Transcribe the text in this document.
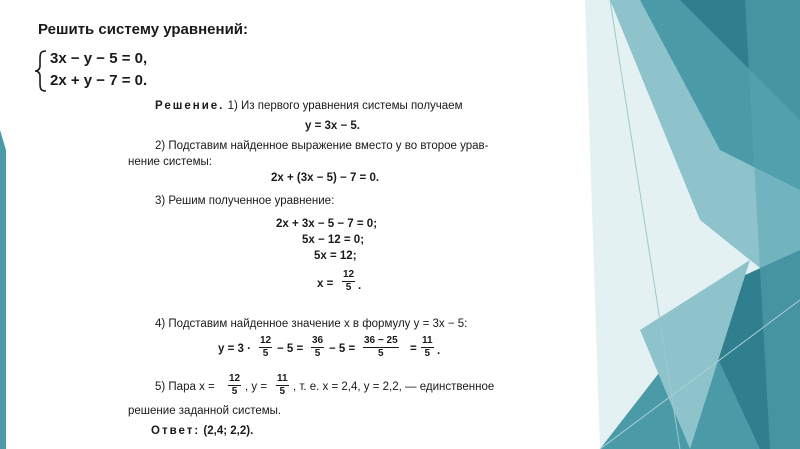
Решить систему уравнений:
3x − y − 5 = 0,
2x + y − 7 = 0.
Решение. 1) Из первого уравнения системы получаем
y = 3x − 5.
2) Подставим найденное выражение вместо y во второе урав-
нение системы:
2x + (3x − 5) − 7 = 0.
3) Решим полученное уравнение:
2x + 3x − 5 − 7 = 0;
5x − 12 = 0;
5x = 12;
$x = \frac{12}{5}$ .
4) Подставим найденное значение x в формулу y = 3x − 5:
$y = 3 \cdot \frac{12}{5} - 5 = \frac{36}{5} - 5 = \frac{36 - 25}{5} = \frac{11}{5}$ .
5) Пара $x = \frac{12}{5}$ , $y = \frac{11}{5}$ , т. е. x = 2,4, y = 2,2, — единственное
решение заданной системы.
Ответ: (2,4; 2,2).
